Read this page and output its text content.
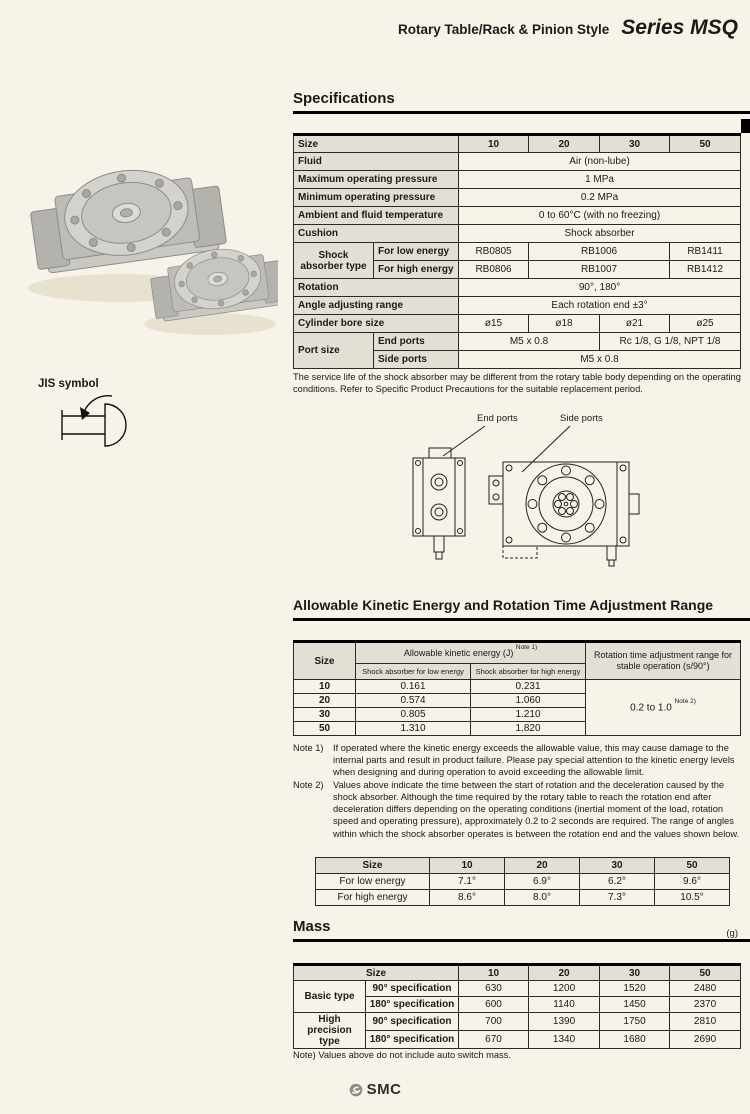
Rotary Table/Rack & Pinion Style Series MSQ
JIS symbol
Specifications
Size		10	20	30	50
Fluid		Air (non-lube)			
Maximum operating pressure		1 MPa			
Minimum operating pressure		0.2 MPa			
Ambient and fluid temperature		0 to 60°C (with no freezing)			
Cushion		Shock absorber			
Shock absorber type	For low energy	RB0805	RB1006		RB1411
	For high energy	RB0806	RB1007		RB1412
Rotation		90°, 180°			
Angle adjusting range		Each rotation end ±3°			
Cylinder bore size		ø15	ø18	ø21	ø25
Port size	End ports	M5 x 0.8		Rc 1/8, G 1/8, NPT 1/8	
	Side ports	M5 x 0.8			
The service life of the shock absorber may be different from the rotary table body depending on the operating conditions. Refer to Specific Product Precautions for the suitable replacement period.
End ports	Side ports
Allowable Kinetic Energy and Rotation Time Adjustment Range
Size	Allowable kinetic energy (J) $^{Note 1)}$		Rotation time adjustment range for stable operation (s/90°)
	Shock absorber for low energy	Shock absorber for high energy	
10	0.161	0.231	0.2 to 1.0 $^{Note 2)}$
20	0.574	1.060	
30	0.805	1.210	
50	1.310	1.820	
Note 1)	If operated where the kinetic energy exceeds the allowable value, this may cause damage to the internal parts and result in product failure. Please pay special attention to the kinetic energy levels when designing and during operation to avoid exceeding the allowable limit.
Note 2)	Values above indicate the time between the start of rotation and the deceleration caused by the shock absorber. Although the time required by the rotary table to reach the rotation end after deceleration differs depending on the operating conditions (inertial moment of the load, rotation speed and operating pressure), approximately 0.2 to 2 seconds are required. The range of angles within which the shock absorber operates is between the rotation end and the values shown below.
Size	10	20	30	50
For low energy	7.1°	6.9°	6.2°	9.6°
For high energy	8.6°	8.0°	7.3°	10.5°
Mass	(g)
Size		10	20	30	50
Basic type	90° specification	630	1200	1520	2480
	180° specification	600	1140	1450	2370
High precision type	90° specification	700	1390	1750	2810
	180° specification	670	1340	1680	2690
Note) Values above do not include auto switch mass.
SMC
